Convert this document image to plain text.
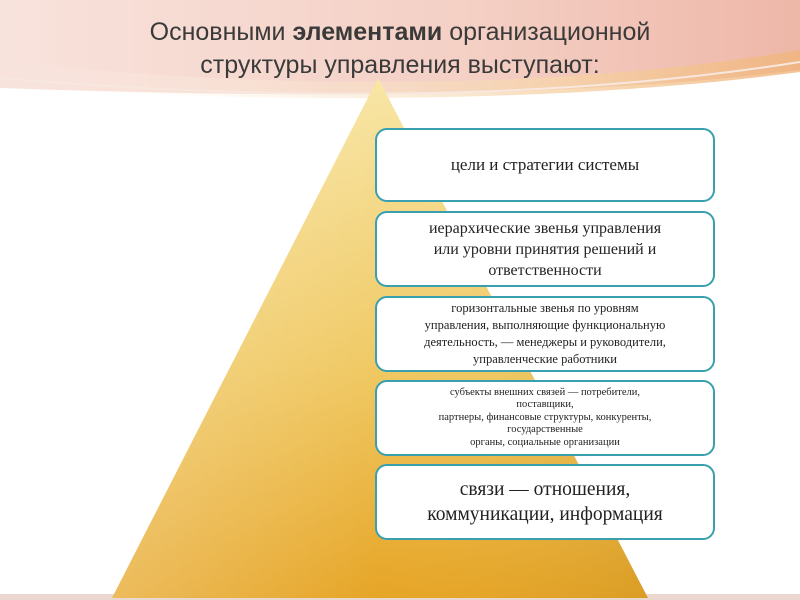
Основными элементами организационной
структуры управления выступают:
цели и стратегии системы
иерархические звенья управления
или уровни принятия решений и
ответственности
горизонтальные звенья по уровням
управления, выполняющие функциональную
деятельность, — менеджеры и руководители,
управленческие работники
субъекты внешних связей — потребители,
поставщики,
партнеры, финансовые структуры, конкуренты,
государственные
органы, социальные организации
связи — отношения,
коммуникации, информация
